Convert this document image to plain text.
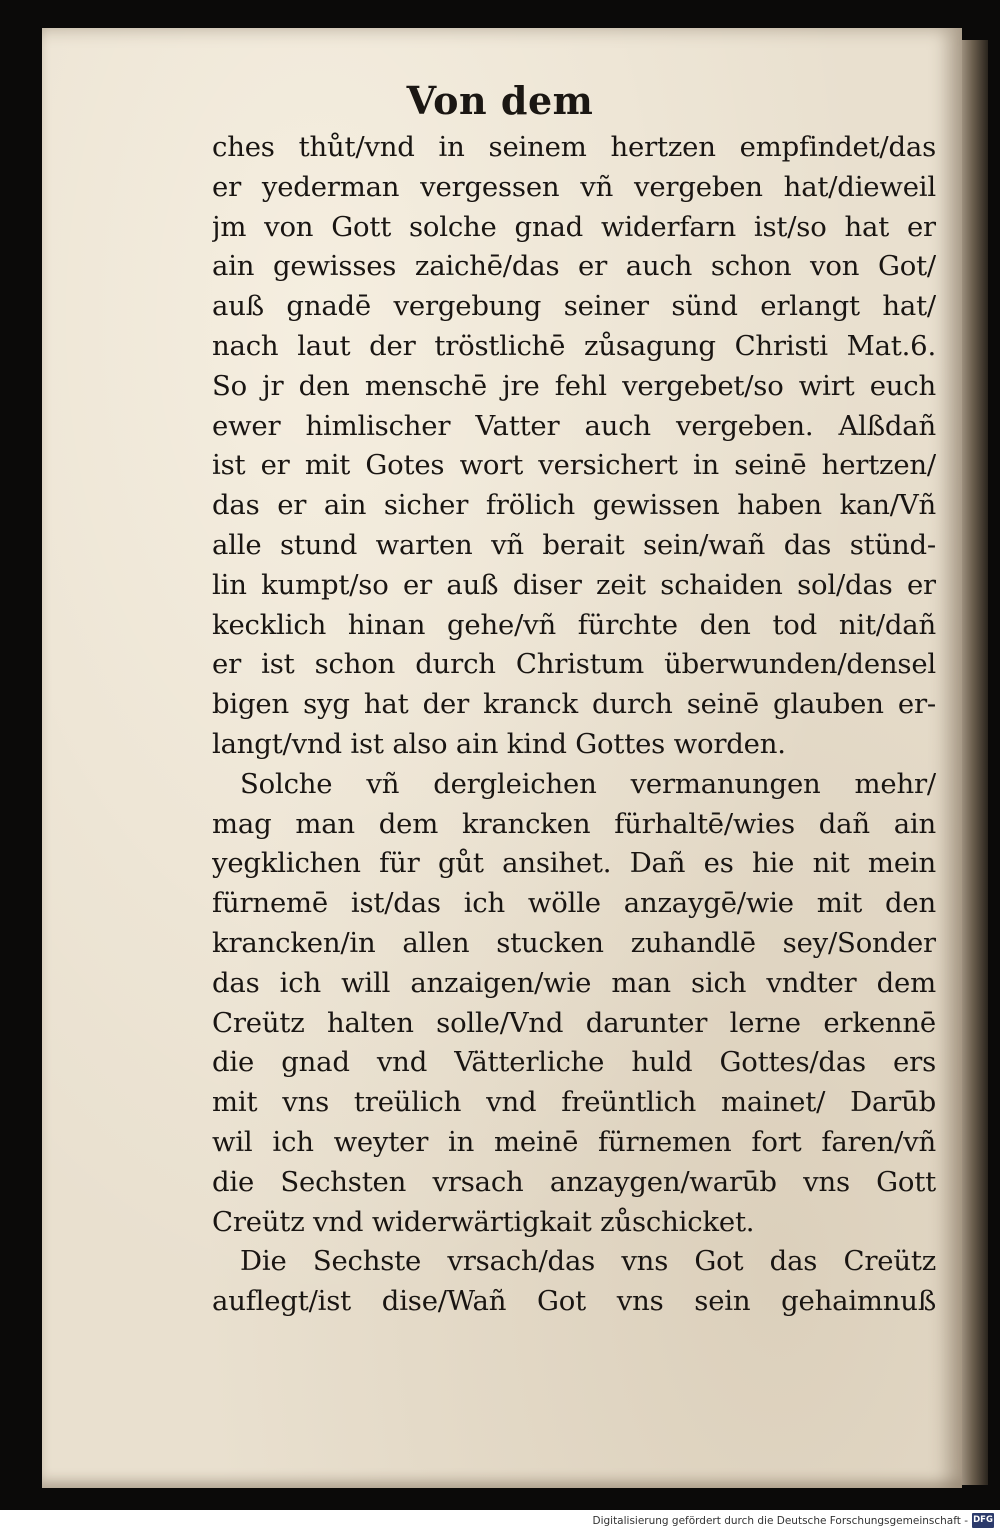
Von dem
ches thůt/vnd in seinem hertzen empfindet/das
er yederman vergessen vñ vergeben hat/dieweil
jm von Gott solche gnad widerfarn ist/so hat er
ain gewisses zaichē/das er auch schon von Got/
auß gnadē vergebung seiner sünd erlangt hat/
nach laut der tröstlichē zůsagung Christi Mat.6.
So jr den menschē jre fehl vergebet/so wirt euch
ewer himlischer Vatter auch vergeben. Alßdañ
ist er mit Gotes wort versichert in seinē hertzen/
das er ain sicher frölich gewissen haben kan/Vñ
alle stund warten vñ berait sein/wañ das stünd-
lin kumpt/so er auß diser zeit schaiden sol/das er
kecklich hinan gehe/vñ fürchte den tod nit/dañ
er ist schon durch Christum überwunden/densel
bigen syg hat der kranck durch seinē glauben er-
langt/vnd ist also ain kind Gottes worden.
Solche vñ dergleichen vermanungen mehr/
mag man dem krancken fürhaltē/wies dañ ain
yegklichen für gůt ansihet. Dañ es hie nit mein
fürnemē ist/das ich wölle anzaygē/wie mit den
krancken/in allen stucken zuhandlē sey/Sonder
das ich will anzaigen/wie man sich vndter dem
Creütz halten solle/Vnd darunter lerne erkennē
die gnad vnd Vätterliche huld Gottes/das ers
mit vns treülich vnd freüntlich mainet/ Darūb
wil ich weyter in meinē fürnemen fort faren/vñ
die Sechsten vrsach anzaygen/warūb vns Gott
Creütz vnd widerwärtigkait zůschicket.
Die Sechste vrsach/das vns Got das Creütz
auflegt/ist dise/Wañ Got vns sein gehaimnuß
Digitalisierung gefördert durch die Deutsche Forschungsgemeinschaft - DFG
